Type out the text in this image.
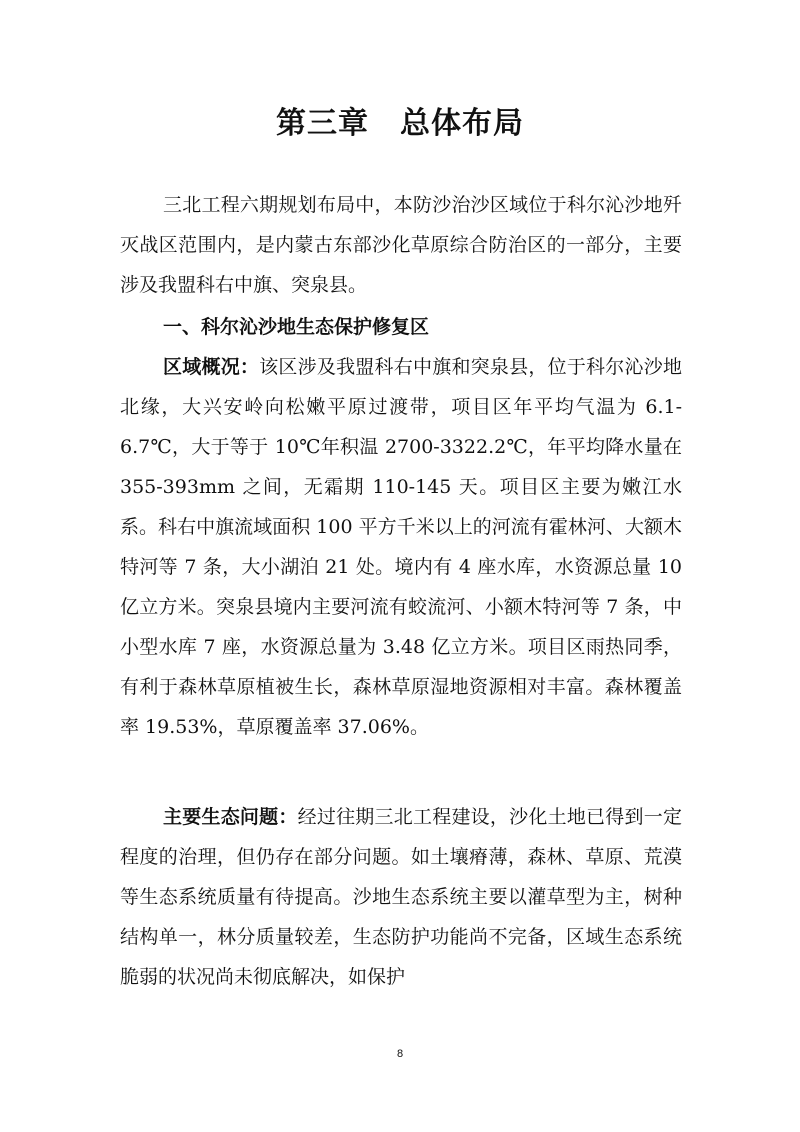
第三章　总体布局

三北工程六期规划布局中，本防沙治沙区域位于科尔沁沙地歼灭战区范围内，是内蒙古东部沙化草原综合防治区的一部分，主要涉及我盟科右中旗、突泉县。

一、科尔沁沙地生态保护修复区

区域概况：该区涉及我盟科右中旗和突泉县，位于科尔沁沙地北缘，大兴安岭向松嫩平原过渡带，项目区年平均气温为 6.1-6.7℃，大于等于 10℃年积温 2700-3322.2℃，年平均降水量在 355-393mm 之间，无霜期 110-145 天。项目区主要为嫩江水系。科右中旗流域面积 100 平方千米以上的河流有霍林河、大额木特河等 7 条，大小湖泊 21 处。境内有 4 座水库，水资源总量 10 亿立方米。突泉县境内主要河流有蛟流河、小额木特河等 7 条，中小型水库 7 座，水资源总量为 3.48 亿立方米。项目区雨热同季，有利于森林草原植被生长，森林草原湿地资源相对丰富。森林覆盖率 19.53%，草原覆盖率 37.06%。

主要生态问题：经过往期三北工程建设，沙化土地已得到一定程度的治理，但仍存在部分问题。如土壤瘠薄，森林、草原、荒漠等生态系统质量有待提高。沙地生态系统主要以灌草型为主，树种结构单一，林分质量较差，生态防护功能尚不完备，区域生态系统脆弱的状况尚未彻底解决，如保护

8
